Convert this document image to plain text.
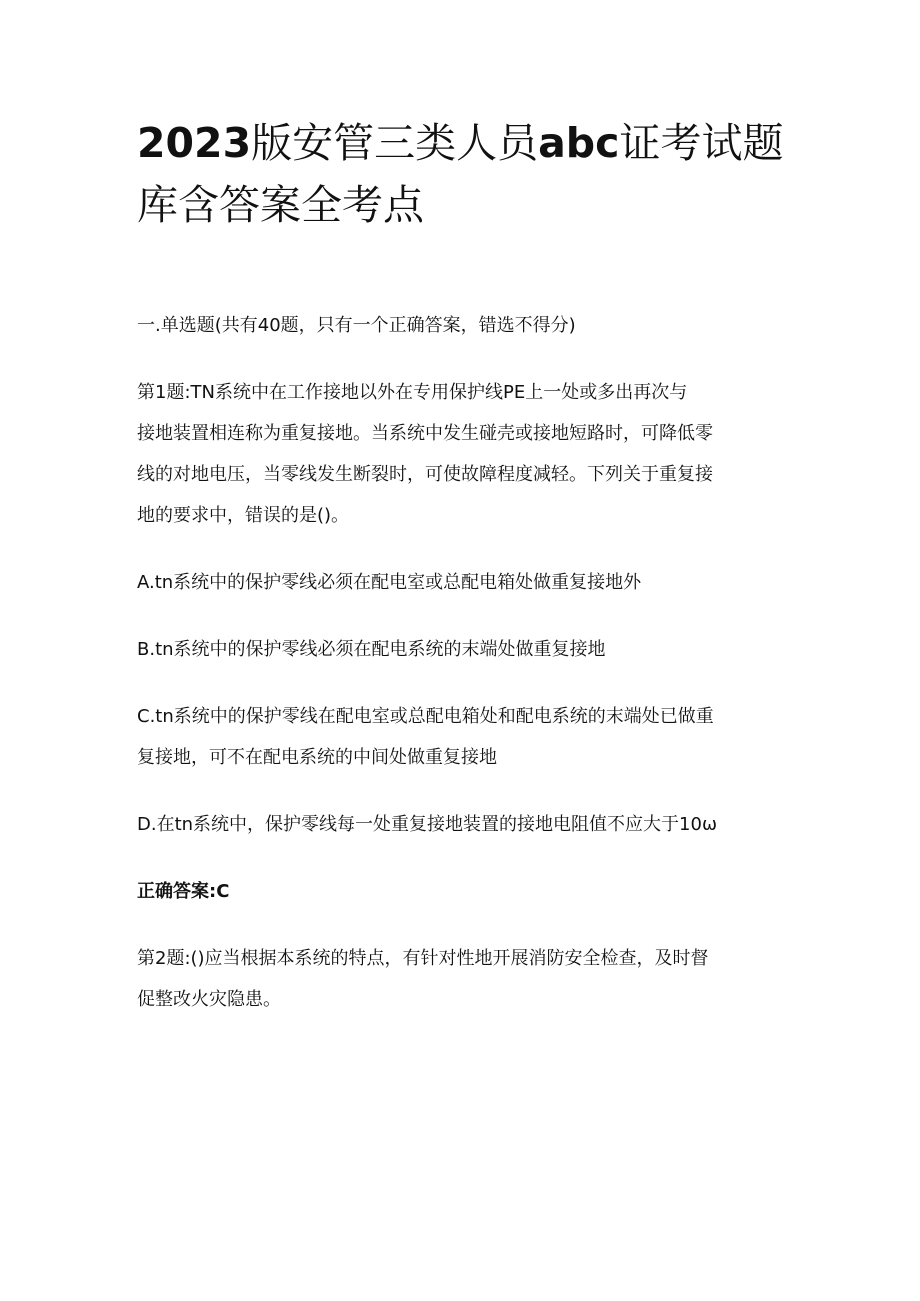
2023版安管三类人员abc证考试题
库含答案全考点

一.单选题(共有40题，只有一个正确答案，错选不得分)

第1题:TN系统中在工作接地以外在专用保护线PE上一处或多出再次与
接地装置相连称为重复接地。当系统中发生碰壳或接地短路时，可降低零
线的对地电压，当零线发生断裂时，可使故障程度减轻。下列关于重复接
地的要求中，错误的是()。

A.tn系统中的保护零线必须在配电室或总配电箱处做重复接地外

B.tn系统中的保护零线必须在配电系统的末端处做重复接地

C.tn系统中的保护零线在配电室或总配电箱处和配电系统的末端处已做重
复接地，可不在配电系统的中间处做重复接地

D.在tn系统中，保护零线每一处重复接地装置的接地电阻值不应大于10ω

正确答案:C

第2题:()应当根据本系统的特点，有针对性地开展消防安全检查，及时督
促整改火灾隐患。
